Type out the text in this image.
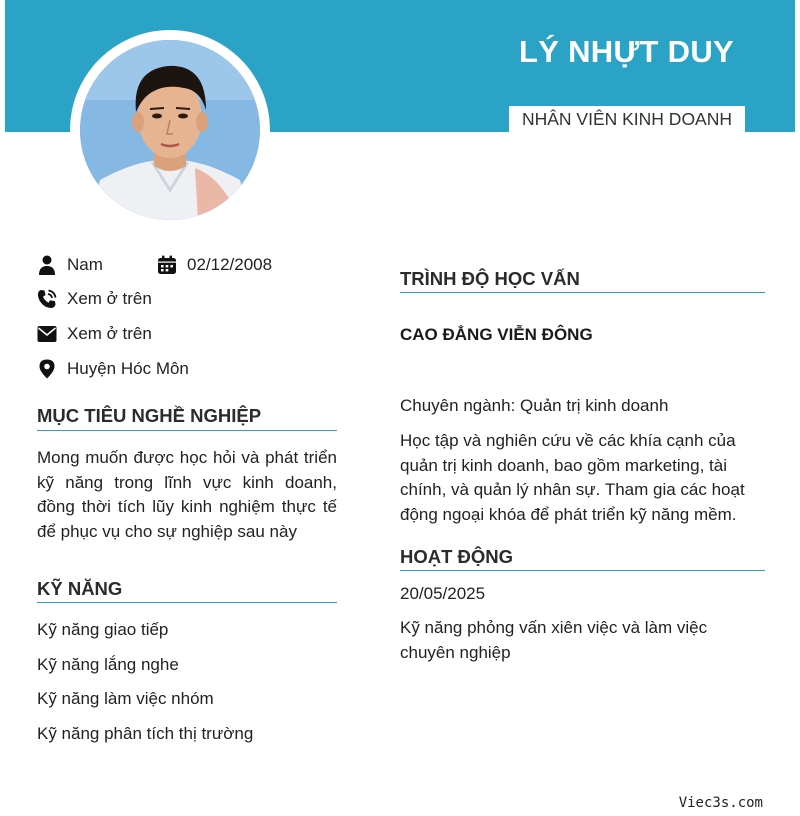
LÝ NHỰT DUY
NHÂN VIÊN KINH DOANH
Nam	02/12/2008
Xem ở trên
Xem ở trên
Huyện Hóc Môn
MỤC TIÊU NGHỀ NGHIỆP
Mong muốn được học hỏi và phát triển kỹ năng trong lĩnh vực kinh doanh, đồng thời tích lũy kinh nghiệm thực tế để phục vụ cho sự nghiệp sau này
KỸ NĂNG
Kỹ năng giao tiếp
Kỹ năng lắng nghe
Kỹ năng làm việc nhóm
Kỹ năng phân tích thị trường
TRÌNH ĐỘ HỌC VẤN
CAO ĐẲNG VIỄN ĐÔNG
Chuyên ngành: Quản trị kinh doanh
Học tập và nghiên cứu về các khía cạnh của quản trị kinh doanh, bao gồm marketing, tài chính, và quản lý nhân sự. Tham gia các hoạt động ngoại khóa để phát triển kỹ năng mềm.
HOẠT ĐỘNG
20/05/2025
Kỹ năng phỏng vấn xiên việc và làm việc chuyên nghiệp
Viec3s.com
